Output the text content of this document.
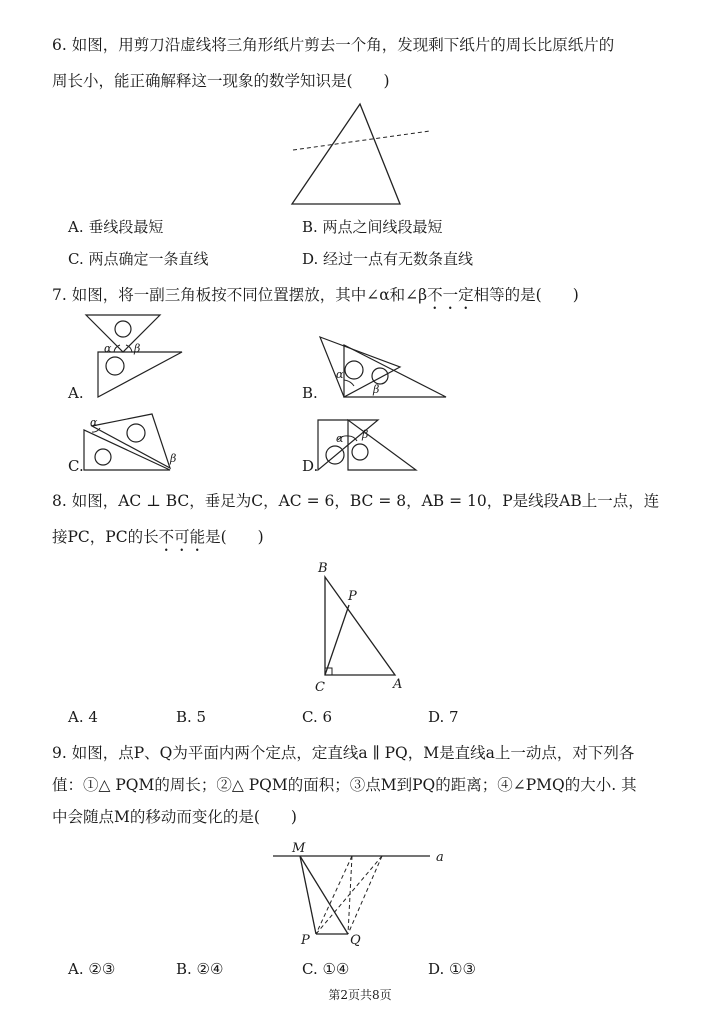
6. 如图，用剪刀沿虚线将三角形纸片剪去一个角，发现剩下纸片的周长比原纸片的
周长小，能正确解释这一现象的数学知识是(　　)
A. 垂线段最短	B. 两点之间线段最短
C. 两点确定一条直线	D. 经过一点有无数条直线
7. 如图，将一副三角板按不同位置摆放，其中∠α和∠β不一定相等的是(　　)
α β
A.
α
β
B.
α
β
C.
α β
D.
8. 如图，AC ⊥ BC，垂足为C，AC = 6，BC = 8，AB = 10，P是线段AB上一点，连
接PC，PC的长不可能是(　　)
B
P
C	A
A. 4	B. 5	C. 6	D. 7
9. 如图，点P、Q为平面内两个定点，定直线a ∥ PQ，M是直线a上一动点，对下列各
值：①△ PQM的周长；②△ PQM的面积；③点M到PQ的距离；④∠PMQ的大小. 其
中会随点M的移动而变化的是(　　)
M
a
P	Q
A. ②③	B. ②④	C. ①④	D. ①③
第2页共8页
